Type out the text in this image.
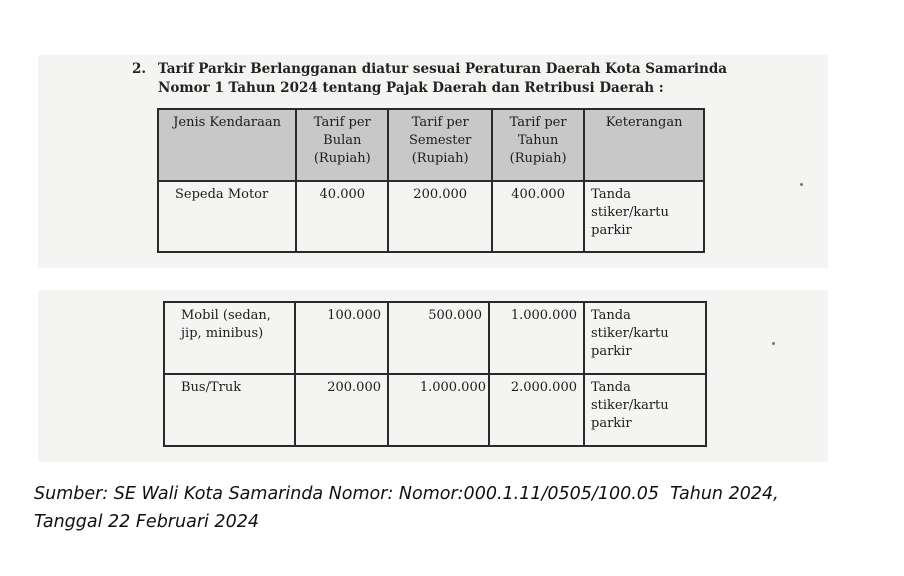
2. Tarif Parkir Berlangganan diatur sesuai Peraturan Daerah Kota Samarinda
Nomor 1 Tahun 2024 tentang Pajak Daerah dan Retribusi Daerah :
Jenis Kendaraan	Tarif per Bulan (Rupiah)	Tarif per Semester (Rupiah)	Tarif per Tahun (Rupiah)	Keterangan
Sepeda Motor	40.000	200.000	400.000	Tanda stiker/kartu parkir
Mobil (sedan, jip, minibus)	100.000	500.000	1.000.000	Tanda stiker/kartu parkir
Bus/Truk	200.000	1.000.000	2.000.000	Tanda stiker/kartu parkir
Sumber: SE Wali Kota Samarinda Nomor: Nomor:000.1.11/0505/100.05  Tahun 2024,
Tanggal 22 Februari 2024
